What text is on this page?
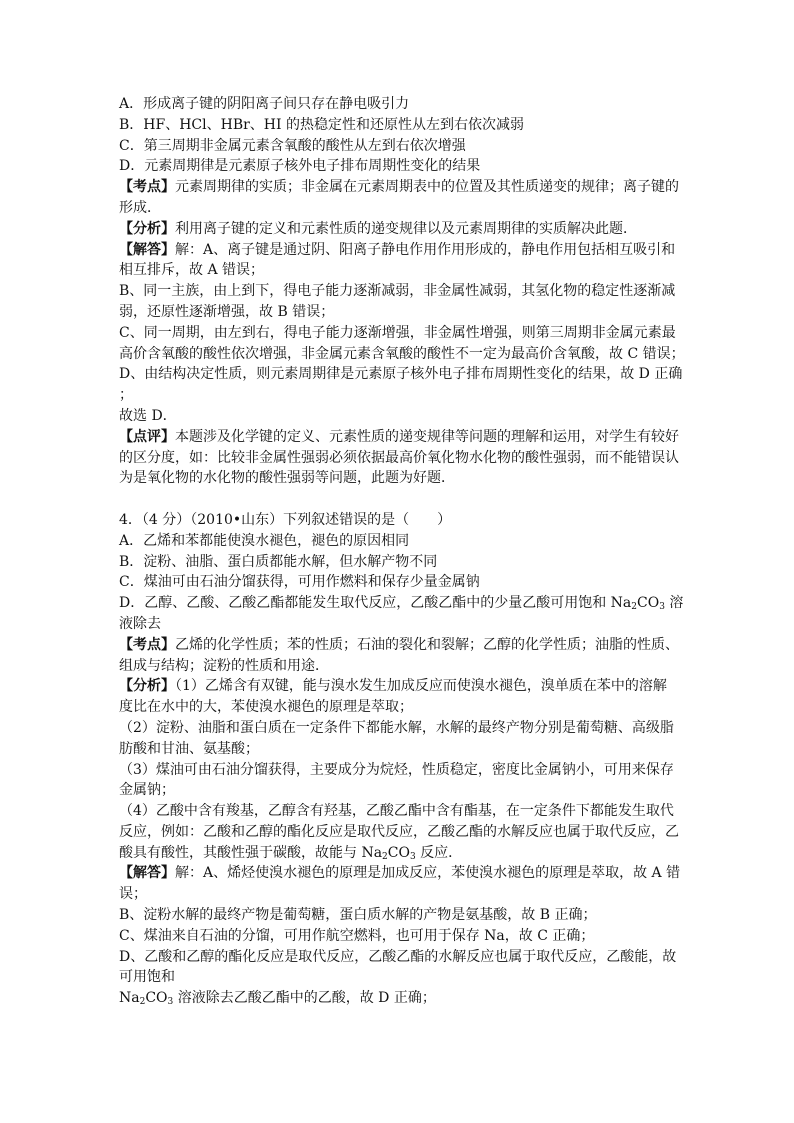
A．形成离子键的阴阳离子间只存在静电吸引力
B．HF、HCl、HBr、HI 的热稳定性和还原性从左到右依次减弱
C．第三周期非金属元素含氧酸的酸性从左到右依次增强
D．元素周期律是元素原子核外电子排布周期性变化的结果
【考点】元素周期律的实质；非金属在元素周期表中的位置及其性质递变的规律；离子键的
形成．
【分析】利用离子键的定义和元素性质的递变规律以及元素周期律的实质解决此题．
【解答】解：A、离子键是通过阴、阳离子静电作用作用形成的，静电作用包括相互吸引和
相互排斥，故 A 错误；
B、同一主族，由上到下，得电子能力逐渐减弱，非金属性减弱，其氢化物的稳定性逐渐减
弱，还原性逐渐增强，故 B 错误；
C、同一周期，由左到右，得电子能力逐渐增强，非金属性增强，则第三周期非金属元素最
高价含氧酸的酸性依次增强，非金属元素含氧酸的酸性不一定为最高价含氧酸，故 C 错误；
D、由结构决定性质，则元素周期律是元素原子核外电子排布周期性变化的结果，故 D 正确
；
故选 D．
【点评】本题涉及化学键的定义、元素性质的递变规律等问题的理解和运用，对学生有较好
的区分度，如：比较非金属性强弱必须依据最高价氧化物水化物的酸性强弱，而不能错误认
为是氧化物的水化物的酸性强弱等问题，此题为好题．
4．（4 分）（2010•山东）下列叙述错误的是（　　）
A．乙烯和苯都能使溴水褪色，褪色的原因相同
B．淀粉、油脂、蛋白质都能水解，但水解产物不同
C．煤油可由石油分馏获得，可用作燃料和保存少量金属钠
D．乙醇、乙酸、乙酸乙酯都能发生取代反应，乙酸乙酯中的少量乙酸可用饱和 $Na_2CO_3$ 溶
液除去
【考点】乙烯的化学性质；苯的性质；石油的裂化和裂解；乙醇的化学性质；油脂的性质、
组成与结构；淀粉的性质和用途．
【分析】（1）乙烯含有双键，能与溴水发生加成反应而使溴水褪色，溴单质在苯中的溶解
度比在水中的大，苯使溴水褪色的原理是萃取；
（2）淀粉、油脂和蛋白质在一定条件下都能水解，水解的最终产物分别是葡萄糖、高级脂
肪酸和甘油、氨基酸；
（3）煤油可由石油分馏获得，主要成分为烷烃，性质稳定，密度比金属钠小，可用来保存
金属钠；
（4）乙酸中含有羧基，乙醇含有羟基，乙酸乙酯中含有酯基，在一定条件下都能发生取代
反应，例如：乙酸和乙醇的酯化反应是取代反应，乙酸乙酯的水解反应也属于取代反应，乙
酸具有酸性，其酸性强于碳酸，故能与 $Na_2CO_3$ 反应．
【解答】解：A、烯烃使溴水褪色的原理是加成反应，苯使溴水褪色的原理是萃取，故 A 错
误；
B、淀粉水解的最终产物是葡萄糖，蛋白质水解的产物是氨基酸，故 B 正确；
C、煤油来自石油的分馏，可用作航空燃料，也可用于保存 Na，故 C 正确；
D、乙酸和乙醇的酯化反应是取代反应，乙酸乙酯的水解反应也属于取代反应，乙酸能，故
可用饱和
$Na_2CO_3$ 溶液除去乙酸乙酯中的乙酸，故 D 正确；
